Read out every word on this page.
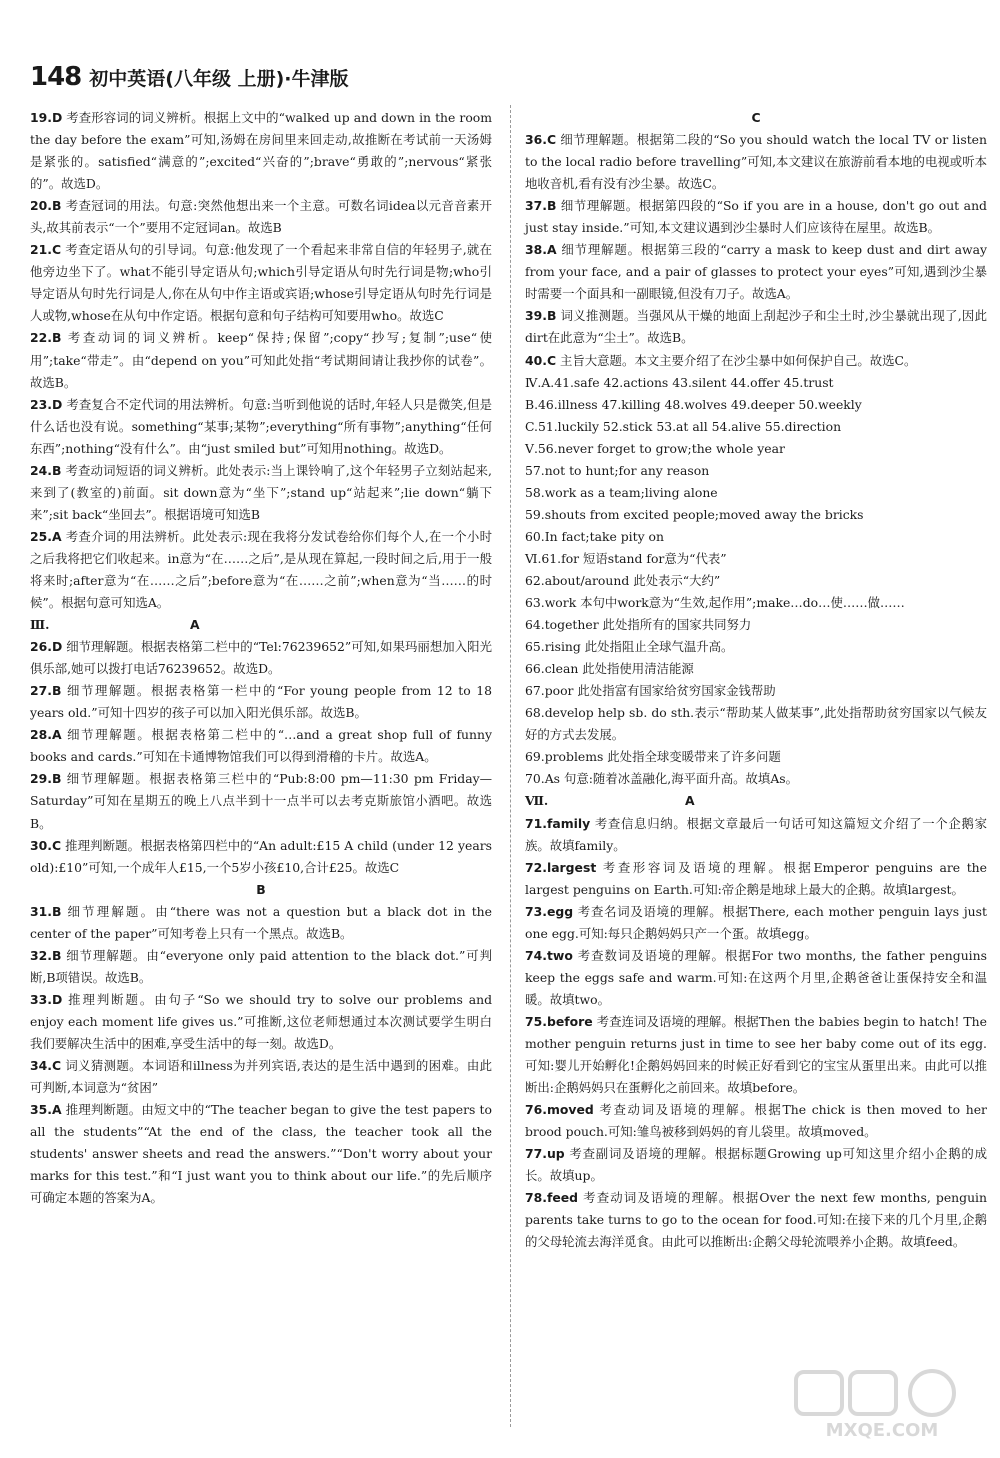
148 初中英语(八年级 上册)·牛津版
19.D 考查形容词的词义辨析。根据上文中的“walked up and down in the room the day before the exam”可知,汤姆在房间里来回走动,故推断在考试前一天汤姆是紧张的。satisfied“满意的”;excited“兴奋的”;brave“勇敢的”;nervous“紧张的”。故选D。
20.B 考查冠词的用法。句意:突然他想出来一个主意。可数名词idea以元音音素开头,故其前表示“一个”要用不定冠词an。故选B
21.C 考查定语从句的引导词。句意:他发现了一个看起来非常自信的年轻男子,就在他旁边坐下了。what不能引导定语从句;which引导定语从句时先行词是物;who引导定语从句时先行词是人,你在从句中作主语或宾语;whose引导定语从句时先行词是人或物,whose在从句中作定语。根据句意和句子结构可知要用who。故选C
22.B 考查动词的词义辨析。keep“保持;保留”;copy“抄写;复制”;use“使用”;take“带走”。由“depend on you”可知此处指“考试期间请让我抄你的试卷”。故选B。
23.D 考查复合不定代词的用法辨析。句意:当听到他说的话时,年轻人只是微笑,但是什么话也没有说。something“某事;某物”;everything“所有事物”;anything“任何东西”;nothing“没有什么”。由“just smiled but”可知用nothing。故选D。
24.B 考查动词短语的词义辨析。此处表示:当上课铃响了,这个年轻男子立刻站起来,来到了(教室的)前面。sit down意为“坐下”;stand up“站起来”;lie down“躺下来”;sit back“坐回去”。根据语境可知选B
25.A 考查介词的用法辨析。此处表示:现在我将分发试卷给你们每个人,在一个小时之后我将把它们收起来。in意为“在……之后”,是从现在算起,一段时间之后,用于一般将来时;after意为“在……之后”;before意为“在……之前”;when意为“当……的时候”。根据句意可知选A。
Ⅲ.	A
26.D 细节理解题。根据表格第二栏中的“Tel:76239652”可知,如果玛丽想加入阳光俱乐部,她可以拨打电话76239652。故选D。
27.B 细节理解题。根据表格第一栏中的“For young people from 12 to 18 years old.”可知十四岁的孩子可以加入阳光俱乐部。故选B。
28.A 细节理解题。根据表格第二栏中的“…and a great shop full of funny books and cards.”可知在卡通博物馆我们可以得到滑稽的卡片。故选A。
29.B 细节理解题。根据表格第三栏中的“Pub:8:00 pm—11:30 pm Friday—Saturday”可知在星期五的晚上八点半到十一点半可以去考克斯旅馆小酒吧。故选B。
30.C 推理判断题。根据表格第四栏中的“An adult:£15 A child (under 12 years old):£10”可知,一个成年人£15,一个5岁小孩£10,合计£25。故选C
B
31.B 细节理解题。由“there was not a question but a black dot in the center of the paper”可知考卷上只有一个黑点。故选B。
32.B 细节理解题。由“everyone only paid attention to the black dot.”可判断,B项错误。故选B。
33.D 推理判断题。由句子“So we should try to solve our problems and enjoy each moment life gives us.”可推断,这位老师想通过本次测试要学生明白我们要解决生活中的困难,享受生活中的每一刻。故选D。
34.C 词义猜测题。本词语和illness为并列宾语,表达的是生活中遇到的困难。由此可判断,本词意为“贫困”
35.A 推理判断题。由短文中的“The teacher began to give the test papers to all the students”“At the end of the class, the teacher took all the students' answer sheets and read the answers.”“Don't worry about your marks for this test.”和“I just want you to think about our life.”的先后顺序可确定本题的答案为A。
C
36.C 细节理解题。根据第二段的“So you should watch the local TV or listen to the local radio before travelling”可知,本文建议在旅游前看本地的电视或听本地收音机,看有没有沙尘暴。故选C。
37.B 细节理解题。根据第四段的“So if you are in a house, don't go out and just stay inside.”可知,本文建议遇到沙尘暴时人们应该待在屋里。故选B。
38.A 细节理解题。根据第三段的“carry a mask to keep dust and dirt away from your face, and a pair of glasses to protect your eyes”可知,遇到沙尘暴时需要一个面具和一副眼镜,但没有刀子。故选A。
39.B 词义推测题。当强风从干燥的地面上刮起沙子和尘土时,沙尘暴就出现了,因此dirt在此意为“尘土”。故选B。
40.C 主旨大意题。本文主要介绍了在沙尘暴中如何保护自己。故选C。
Ⅳ.A.41.safe 42.actions 43.silent 44.offer 45.trust
B.46.illness 47.killing 48.wolves 49.deeper 50.weekly
C.51.luckily 52.stick 53.at all 54.alive 55.direction
Ⅴ.56.never forget to grow;the whole year
57.not to hunt;for any reason
58.work as a team;living alone
59.shouts from excited people;moved away the bricks
60.In fact;take pity on
Ⅵ.61.for 短语stand for意为“代表”
62.about/around 此处表示“大约”
63.work 本句中work意为“生效,起作用”;make…do…使……做……
64.together 此处指所有的国家共同努力
65.rising 此处指阻止全球气温升高。
66.clean 此处指使用清洁能源
67.poor 此处指富有国家给贫穷国家金钱帮助
68.develop help sb. do sth.表示“帮助某人做某事”,此处指帮助贫穷国家以气候友好的方式去发展。
69.problems 此处指全球变暖带来了许多问题
70.As 句意:随着冰盖融化,海平面升高。故填As。
Ⅶ.	A
71.family 考查信息归纳。根据文章最后一句话可知这篇短文介绍了一个企鹅家族。故填family。
72.largest 考查形容词及语境的理解。根据Emperor penguins are the largest penguins on Earth.可知:帝企鹅是地球上最大的企鹅。故填largest。
73.egg 考查名词及语境的理解。根据There, each mother penguin lays just one egg.可知:每只企鹅妈妈只产一个蛋。故填egg。
74.two 考查数词及语境的理解。根据For two months, the father penguins keep the eggs safe and warm.可知:在这两个月里,企鹅爸爸让蛋保持安全和温暖。故填two。
75.before 考查连词及语境的理解。根据Then the babies begin to hatch! The mother penguin returns just in time to see her baby come out of its egg.可知:婴儿开始孵化!企鹅妈妈回来的时候正好看到它的宝宝从蛋里出来。由此可以推断出:企鹅妈妈只在蛋孵化之前回来。故填before。
76.moved 考查动词及语境的理解。根据The chick is then moved to her brood pouch.可知:雏鸟被移到妈妈的育儿袋里。故填moved。
77.up 考查副词及语境的理解。根据标题Growing up可知这里介绍小企鹅的成长。故填up。
78.feed 考查动词及语境的理解。根据Over the next few months, penguin parents take turns to go to the ocean for food.可知:在接下来的几个月里,企鹅的父母轮流去海洋觅食。由此可以推断出:企鹅父母轮流喂养小企鹅。故填feed。
MXQE.COM
